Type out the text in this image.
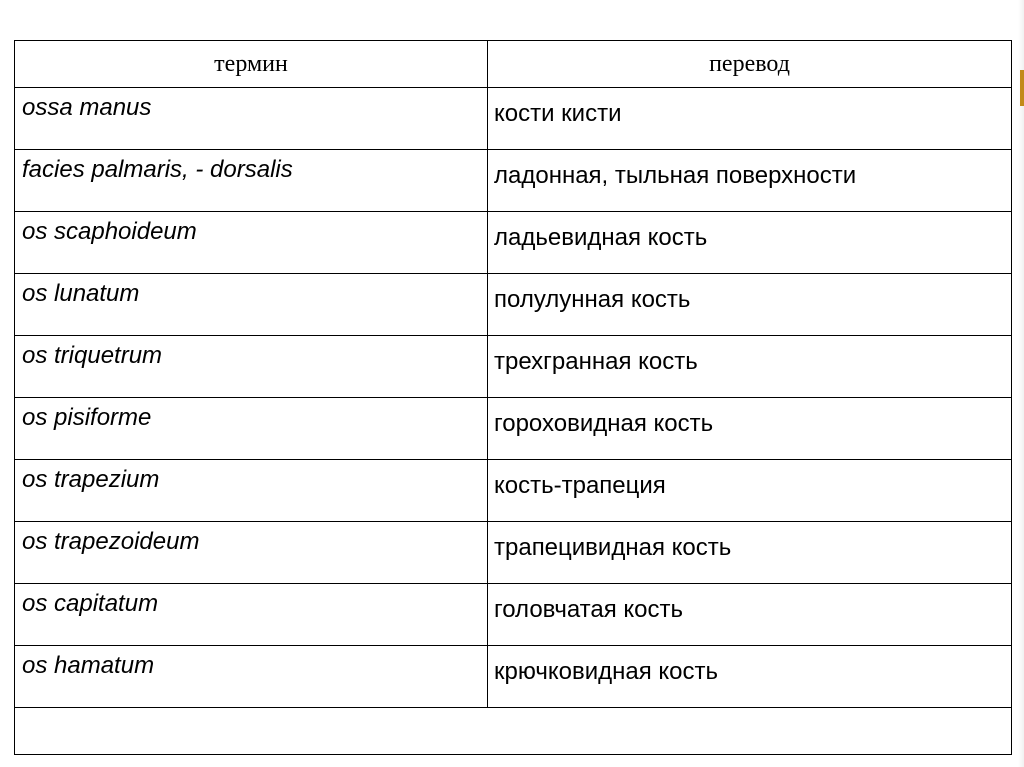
термин	перевод
ossa manus	кости кисти
facies palmaris, - dorsalis	ладонная, тыльная поверхности
os scaphoideum	ладьевидная кость
os lunatum	полулунная кость
os triquetrum	трехгранная кость
os pisiforme	гороховидная кость
os trapezium	кость-трапеция
os trapezoideum	трапецивидная кость
os capitatum	головчатая кость
os hamatum	крючковидная кость
